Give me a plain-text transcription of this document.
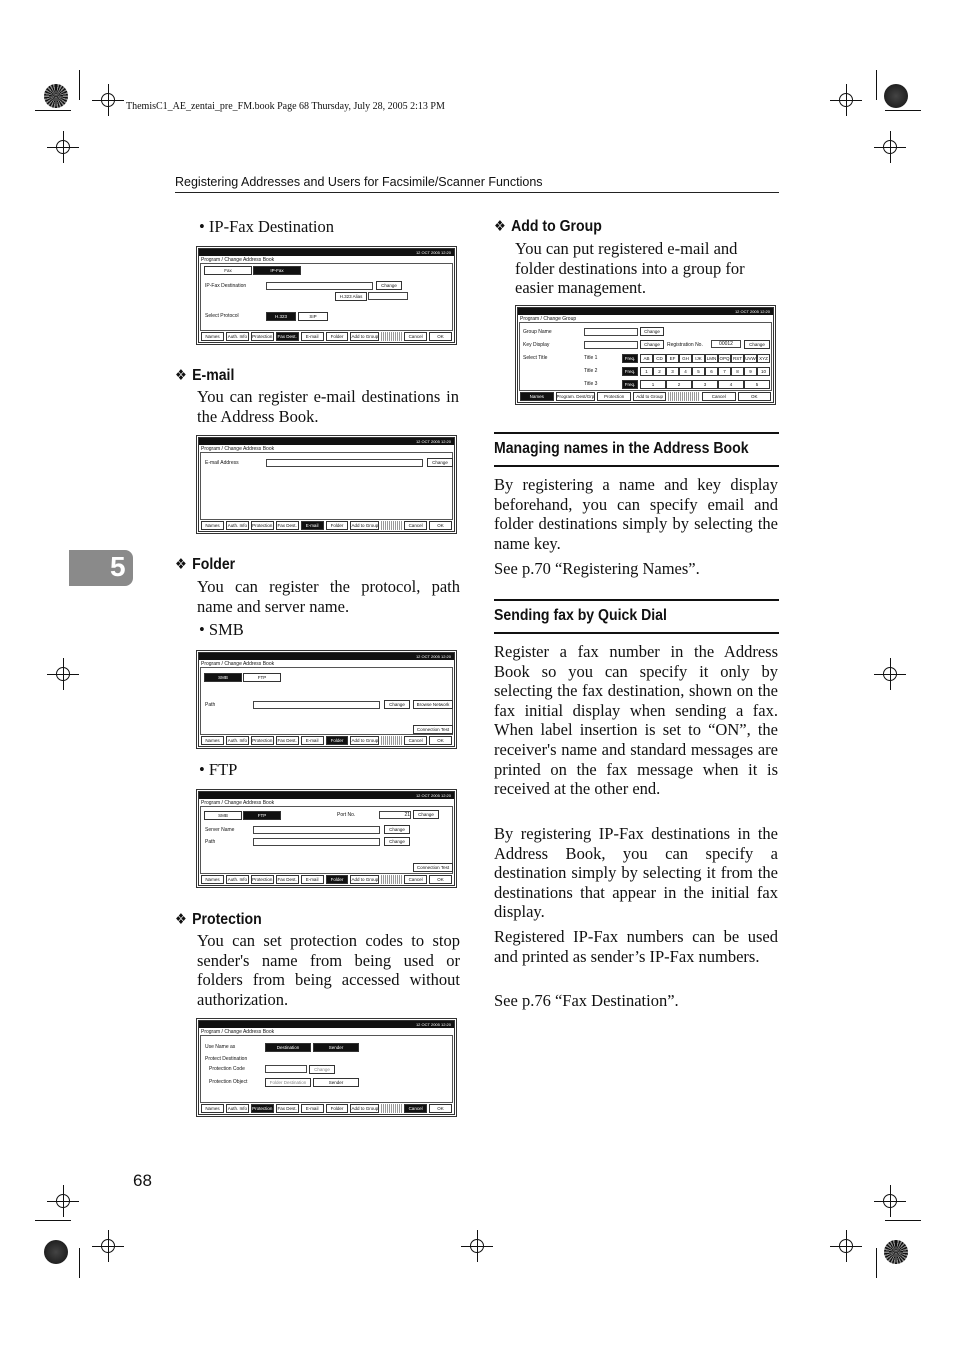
ThemisC1_AE_zentai_pre_FM.book Page 68 Thursday, July 28, 2005 2:13 PM
Registering Addresses and Users for Facsimile/Scanner Functions
5
• IP-Fax Destination
12 OCT 2005 12:20
Program / Change Address Book
Fax	IP-Fax
IP-Fax Destination	Change
H.323 Alias
Select Protocol	H.323	SIP
Names	Auth. Info	Protection	Fax Dest.	E-mail	Folder	Add to Group	Cancel	OK
❖ E-mail
You can register e-mail destinations in the Address Book.
12 OCT 2005 12:20
Program / Change Address Book
E-mail Address	Change
Names	Auth. Info	Protection	Fax Dest.	E-mail	Folder	Add to Group	Cancel	OK
❖ Folder
You can register the protocol, path name and server name.
• SMB
12 OCT 2005 12:20
Program / Change Address Book
SMB	FTP
Path	Change	Browse Network
Connection Test
Names	Auth. Info	Protection	Fax Dest.	E-mail	Folder	Add to Group	Cancel	OK
• FTP
12 OCT 2005 12:20
Program / Change Address Book
SMB	FTP	Port No.	21	Change
Server Name	Change
Path	Change
Connection Test
Names	Auth. Info	Protection	Fax Dest.	E-mail	Folder	Add to Group	Cancel	OK
❖ Protection
You can set protection codes to stop sender's name from being used or folders from being accessed without authorization.
12 OCT 2005 12:20
Program / Change Address Book
Use Name as	Destination	Sender
Protect Destination
Protection Code	Change
Protection Object	Folder Destination	Sender
Names	Auth. Info	Protection	Fax Dest.	E-mail	Folder	Add to Group	Cancel	OK
❖ Add to Group
You can put registered e-mail and folder destinations into a group for easier management.
12 OCT 2005 12:20
Program / Change Group
Group Name	Change
Key Display	Change	Registration No.	00012	Change
Select Title	Title 1
Title 2
Title 3
Freq.
Freq.
Freq.
AB	CD	EF	GH	IJK	LMN OPQ RST UVW XYZ
1	2	3	4	5	6	7	8	9	10
1	2	3	4	5
Names	Program. Dest/Grp	Protection	Add to Group	Cancel	OK
Managing names in the Address Book
By registering a name and key display beforehand, you can specify email and folder destinations simply by selecting the name key.
See p.70 “Registering Names”.
Sending fax by Quick Dial
Register a fax number in the Address Book so you can specify it only by selecting the fax destination, shown on the fax initial display when sending a fax. When label insertion is set to “ON”, the receiver's name and standard messages are printed on the fax message when it is received at the other end.
By registering IP-Fax destinations in the Address Book, you can specify a destination simply by selecting it from the destinations that appear in the initial fax display.
Registered IP-Fax numbers can be used and printed as sender’s IP-Fax numbers.
See p.76 “Fax Destination”.
68
